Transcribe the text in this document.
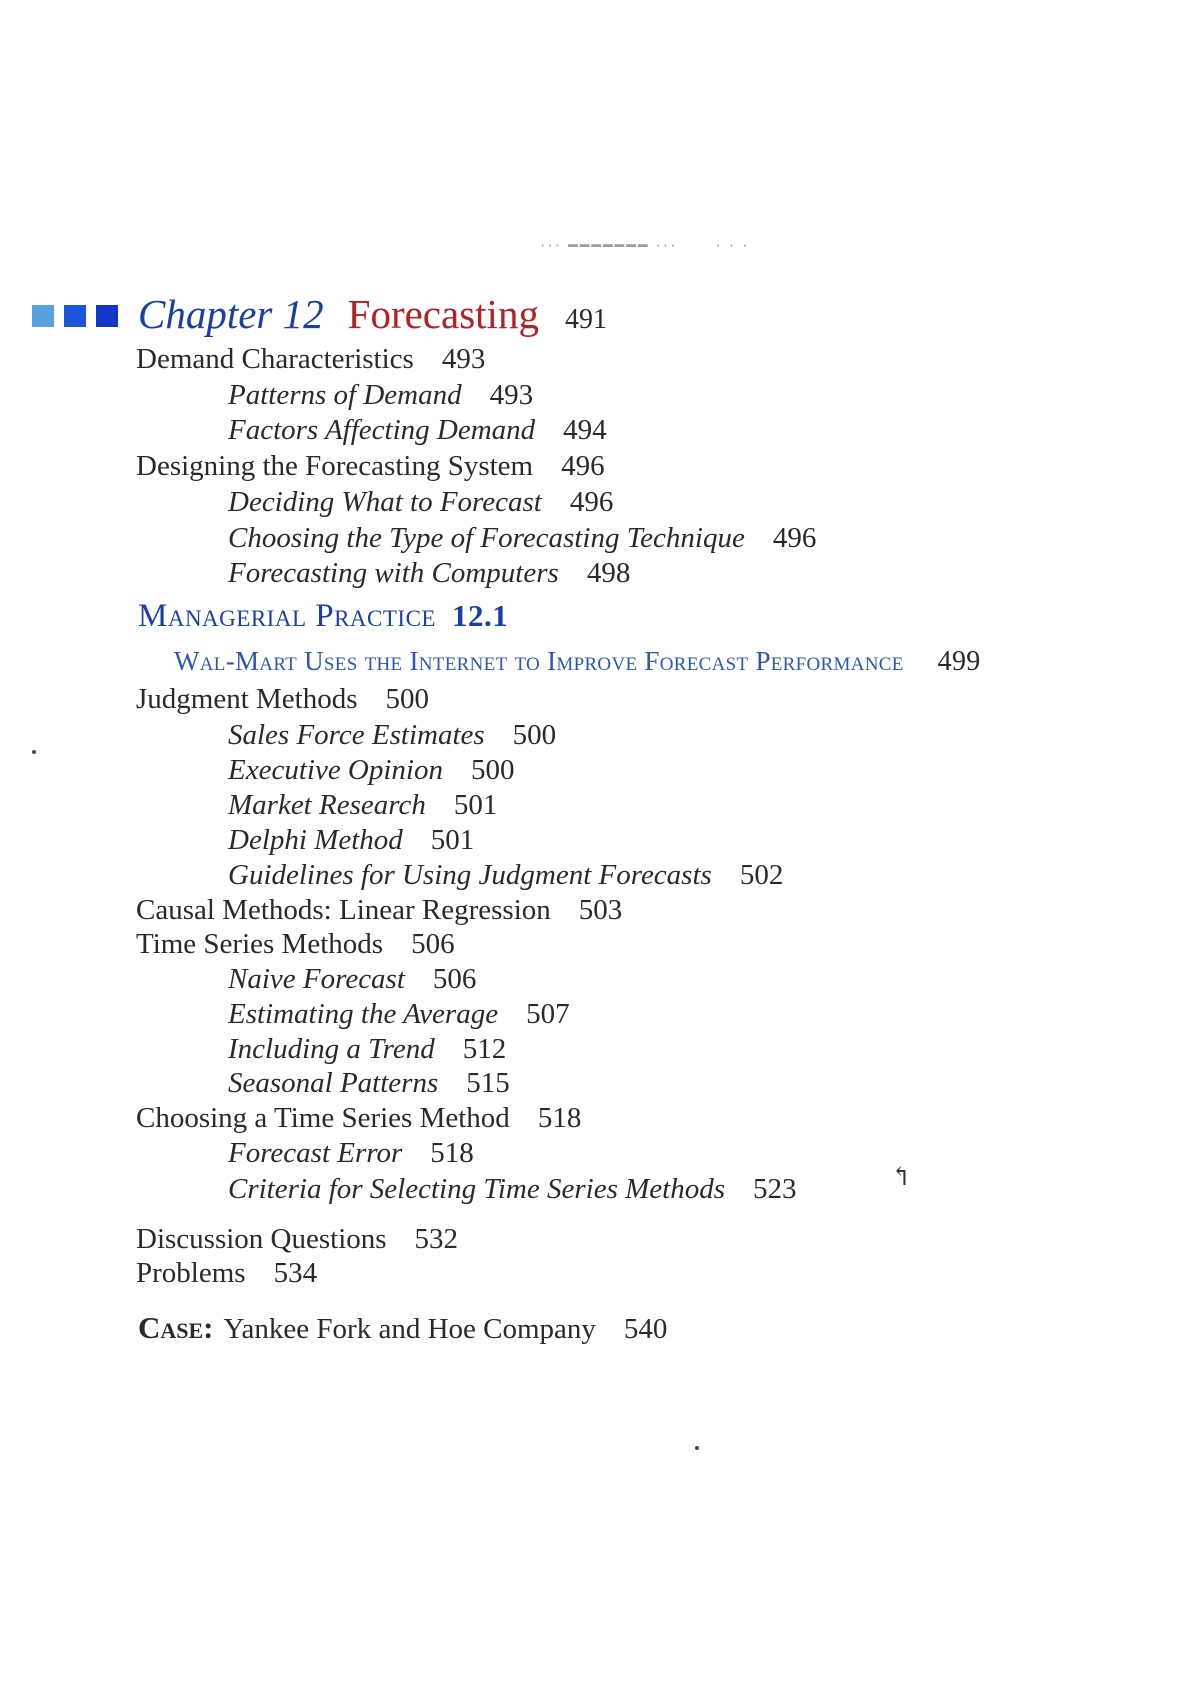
··· ━━━━━━━ ··· · · ·
Chapter 12 Forecasting 491
Demand Characteristics 493
Patterns of Demand 493
Factors Affecting Demand 494
Designing the Forecasting System 496
Deciding What to Forecast 496
Choosing the Type of Forecasting Technique 496
Forecasting with Computers 498
Managerial Practice 12.1
Wal-Mart Uses the Internet to Improve Forecast Performance 499
Judgment Methods 500
Sales Force Estimates 500
Executive Opinion 500
Market Research 501
Delphi Method 501
Guidelines for Using Judgment Forecasts 502
Causal Methods: Linear Regression 503
Time Series Methods 506
Naive Forecast 506
Estimating the Average 507
Including a Trend 512
Seasonal Patterns 515
Choosing a Time Series Method 518
Forecast Error 518
Criteria for Selecting Time Series Methods 523
Discussion Questions 532
Problems 534
Case: Yankee Fork and Hoe Company 540
↰
